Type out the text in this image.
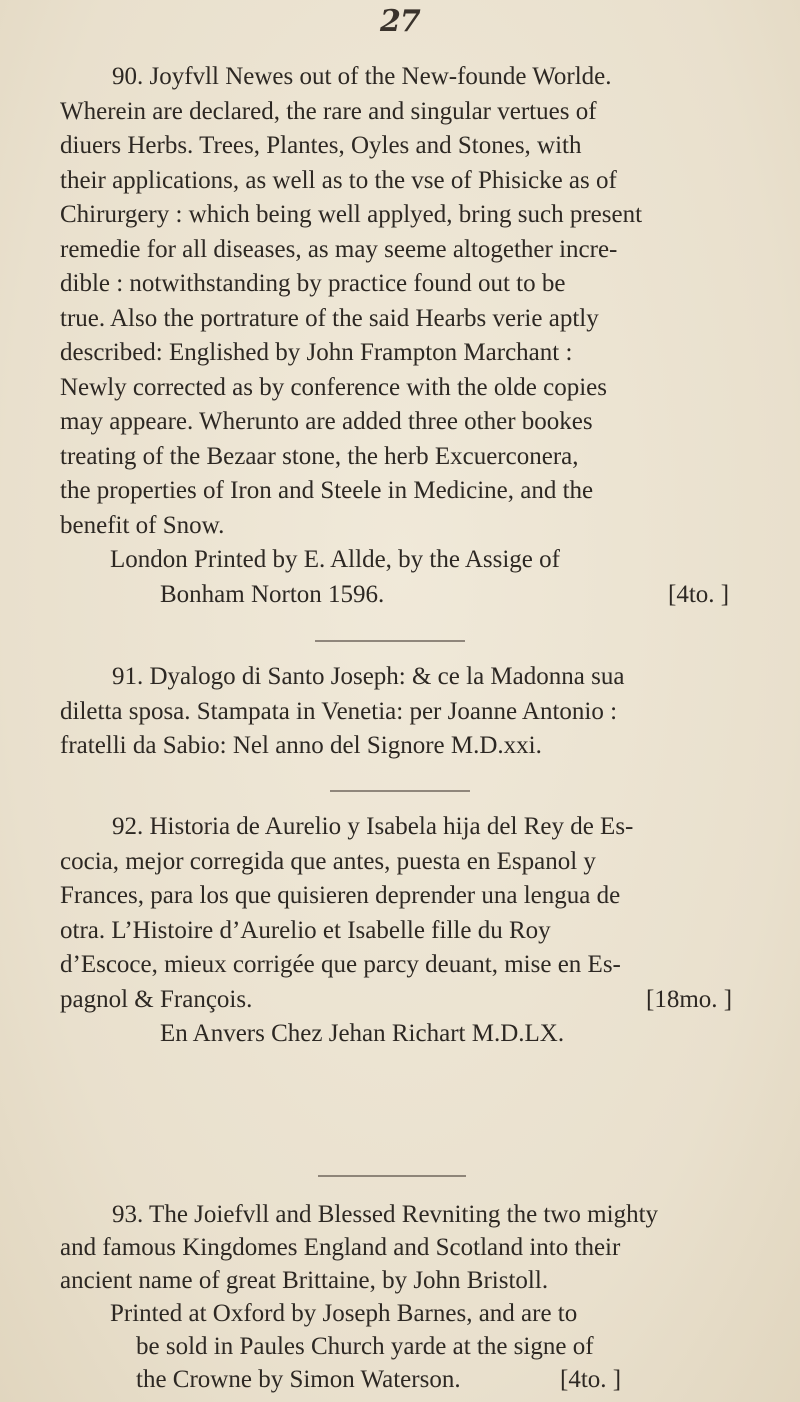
27
90. Joyfvll Newes out of the New-founde Worlde.
Wherein are declared, the rare and singular vertues of
diuers Herbs. Trees, Plantes, Oyles and Stones, with
their applications, as well as to the vse of Phisicke as of
Chirurgery : which being well applyed, bring such present
remedie for all diseases, as may seeme altogether incre-
dible : notwithstanding by practice found out to be
true. Also the portrature of the said Hearbs verie aptly
described: Englished by John Frampton Marchant :
Newly corrected as by conference with the olde copies
may appeare. Wherunto are added three other bookes
treating of the Bezaar stone, the herb Excuerconera,
the properties of Iron and Steele in Medicine, and the
benefit of Snow.
London Printed by E. Allde, by the Assige of
Bonham Norton 1596.	[4to. ]
91. Dyalogo di Santo Joseph: & ce la Madonna sua
diletta sposa. Stampata in Venetia: per Joanne Antonio :
fratelli da Sabio: Nel anno del Signore M.D.xxi.
92. Historia de Aurelio y Isabela hija del Rey de Es-
cocia, mejor corregida que antes, puesta en Espanol y
Frances, para los que quisieren deprender una lengua de
otra. L’Histoire d’Aurelio et Isabelle fille du Roy
d’Escoce, mieux corrigée que parcy deuant, mise en Es-
pagnol & François.	[18mo. ]
En Anvers Chez Jehan Richart M.D.LX.
93. The Joiefvll and Blessed Revniting the two mighty
and famous Kingdomes England and Scotland into their
ancient name of great Brittaine, by John Bristoll.
Printed at Oxford by Joseph Barnes, and are to
be sold in Paules Church yarde at the signe of
the Crowne by Simon Waterson.	[4to. ]
